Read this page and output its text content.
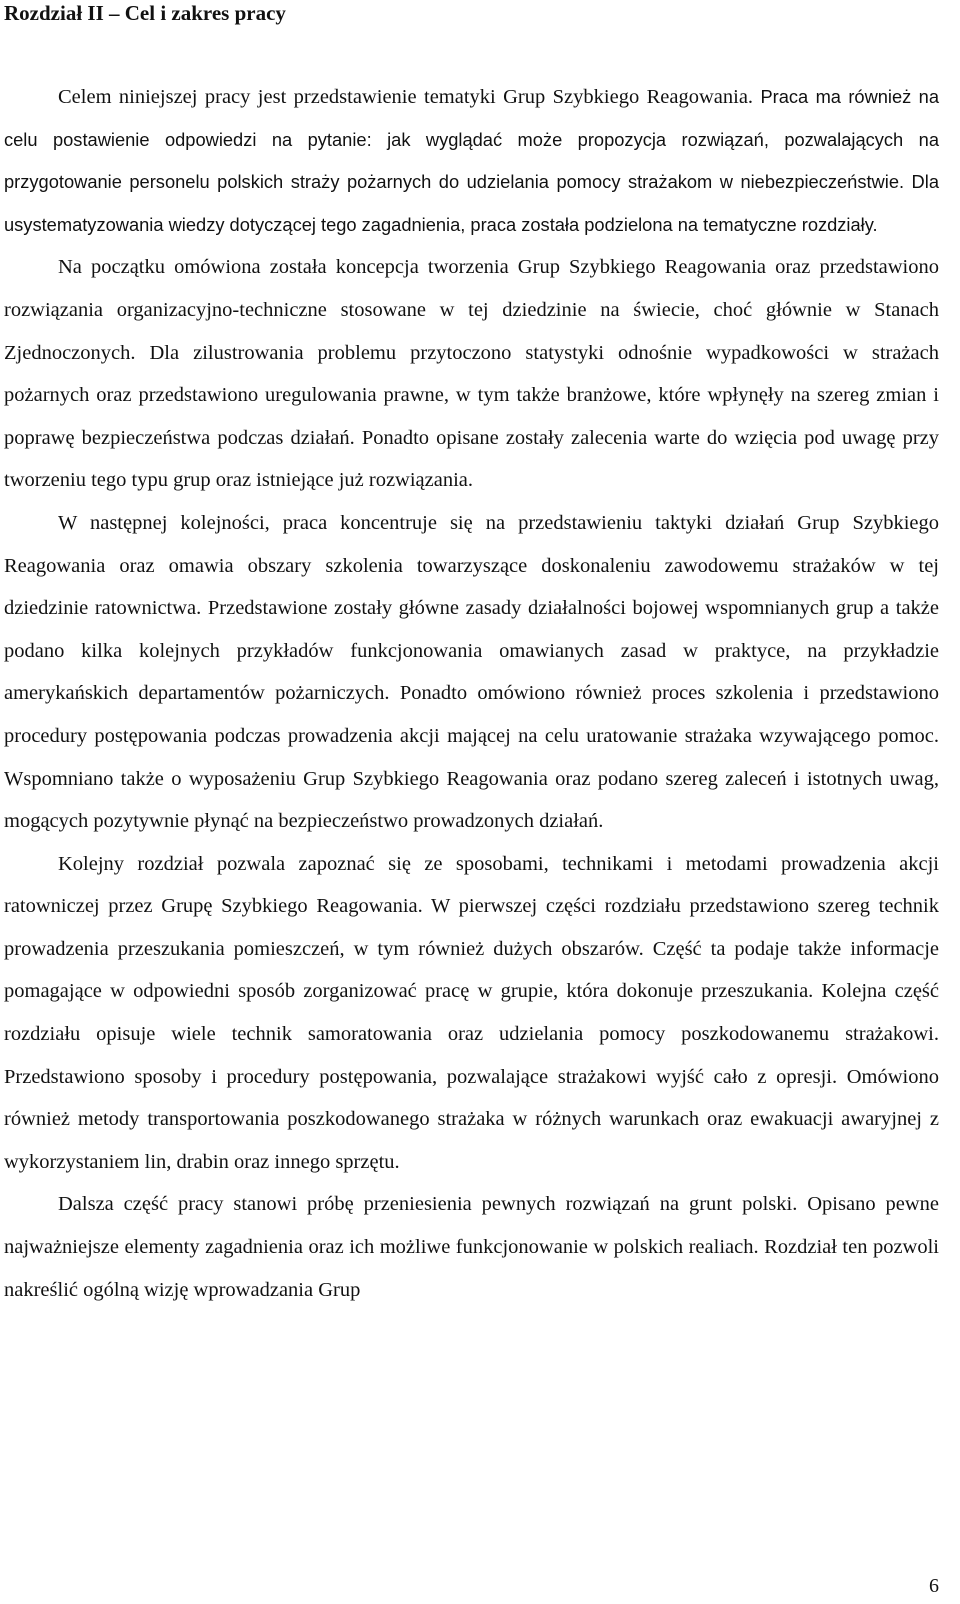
Rozdział II – Cel i zakres pracy

Celem niniejszej pracy jest przedstawienie tematyki Grup Szybkiego Reagowania. Praca ma również na celu postawienie odpowiedzi na pytanie: jak wyglądać może propozycja rozwiązań, pozwalających na przygotowanie personelu polskich straży pożarnych do udzielania pomocy strażakom w niebezpieczeństwie. Dla usystematyzowania wiedzy dotyczącej tego zagadnienia, praca została podzielona na tematyczne rozdziały.

Na początku omówiona została koncepcja tworzenia Grup Szybkiego Reagowania oraz przedstawiono rozwiązania organizacyjno-techniczne stosowane w tej dziedzinie na świecie, choć głównie w Stanach Zjednoczonych. Dla zilustrowania problemu przytoczono statystyki odnośnie wypadkowości w strażach pożarnych oraz przedstawiono uregulowania prawne, w tym także branżowe, które wpłynęły na szereg zmian i poprawę bezpieczeństwa podczas działań. Ponadto opisane zostały zalecenia warte do wzięcia pod uwagę przy tworzeniu tego typu grup oraz istniejące już rozwiązania.

W następnej kolejności, praca koncentruje się na przedstawieniu taktyki działań Grup Szybkiego Reagowania oraz omawia obszary szkolenia towarzyszące doskonaleniu zawodowemu strażaków w tej dziedzinie ratownictwa. Przedstawione zostały główne zasady działalności bojowej wspomnianych grup a także podano kilka kolejnych przykładów funkcjonowania omawianych zasad w praktyce, na przykładzie amerykańskich departamentów pożarniczych. Ponadto omówiono również proces szkolenia i przedstawiono procedury postępowania podczas prowadzenia akcji mającej na celu uratowanie strażaka wzywającego pomoc. Wspomniano także o wyposażeniu Grup Szybkiego Reagowania oraz podano szereg zaleceń i istotnych uwag, mogących pozytywnie płynąć na bezpieczeństwo prowadzonych działań.

Kolejny rozdział pozwala zapoznać się ze sposobami, technikami i metodami prowadzenia akcji ratowniczej przez Grupę Szybkiego Reagowania. W pierwszej części rozdziału przedstawiono szereg technik prowadzenia przeszukania pomieszczeń, w tym również dużych obszarów. Część ta podaje także informacje pomagające w odpowiedni sposób zorganizować pracę w grupie, która dokonuje przeszukania. Kolejna część rozdziału opisuje wiele technik samoratowania oraz udzielania pomocy poszkodowanemu strażakowi. Przedstawiono sposoby i procedury postępowania, pozwalające strażakowi wyjść cało z opresji. Omówiono również metody transportowania poszkodowanego strażaka w różnych warunkach oraz ewakuacji awaryjnej z wykorzystaniem lin, drabin oraz innego sprzętu.

Dalsza część pracy stanowi próbę przeniesienia pewnych rozwiązań na grunt polski. Opisano pewne najważniejsze elementy zagadnienia oraz ich możliwe funkcjonowanie w polskich realiach. Rozdział ten pozwoli nakreślić ogólną wizję wprowadzania Grup

6
